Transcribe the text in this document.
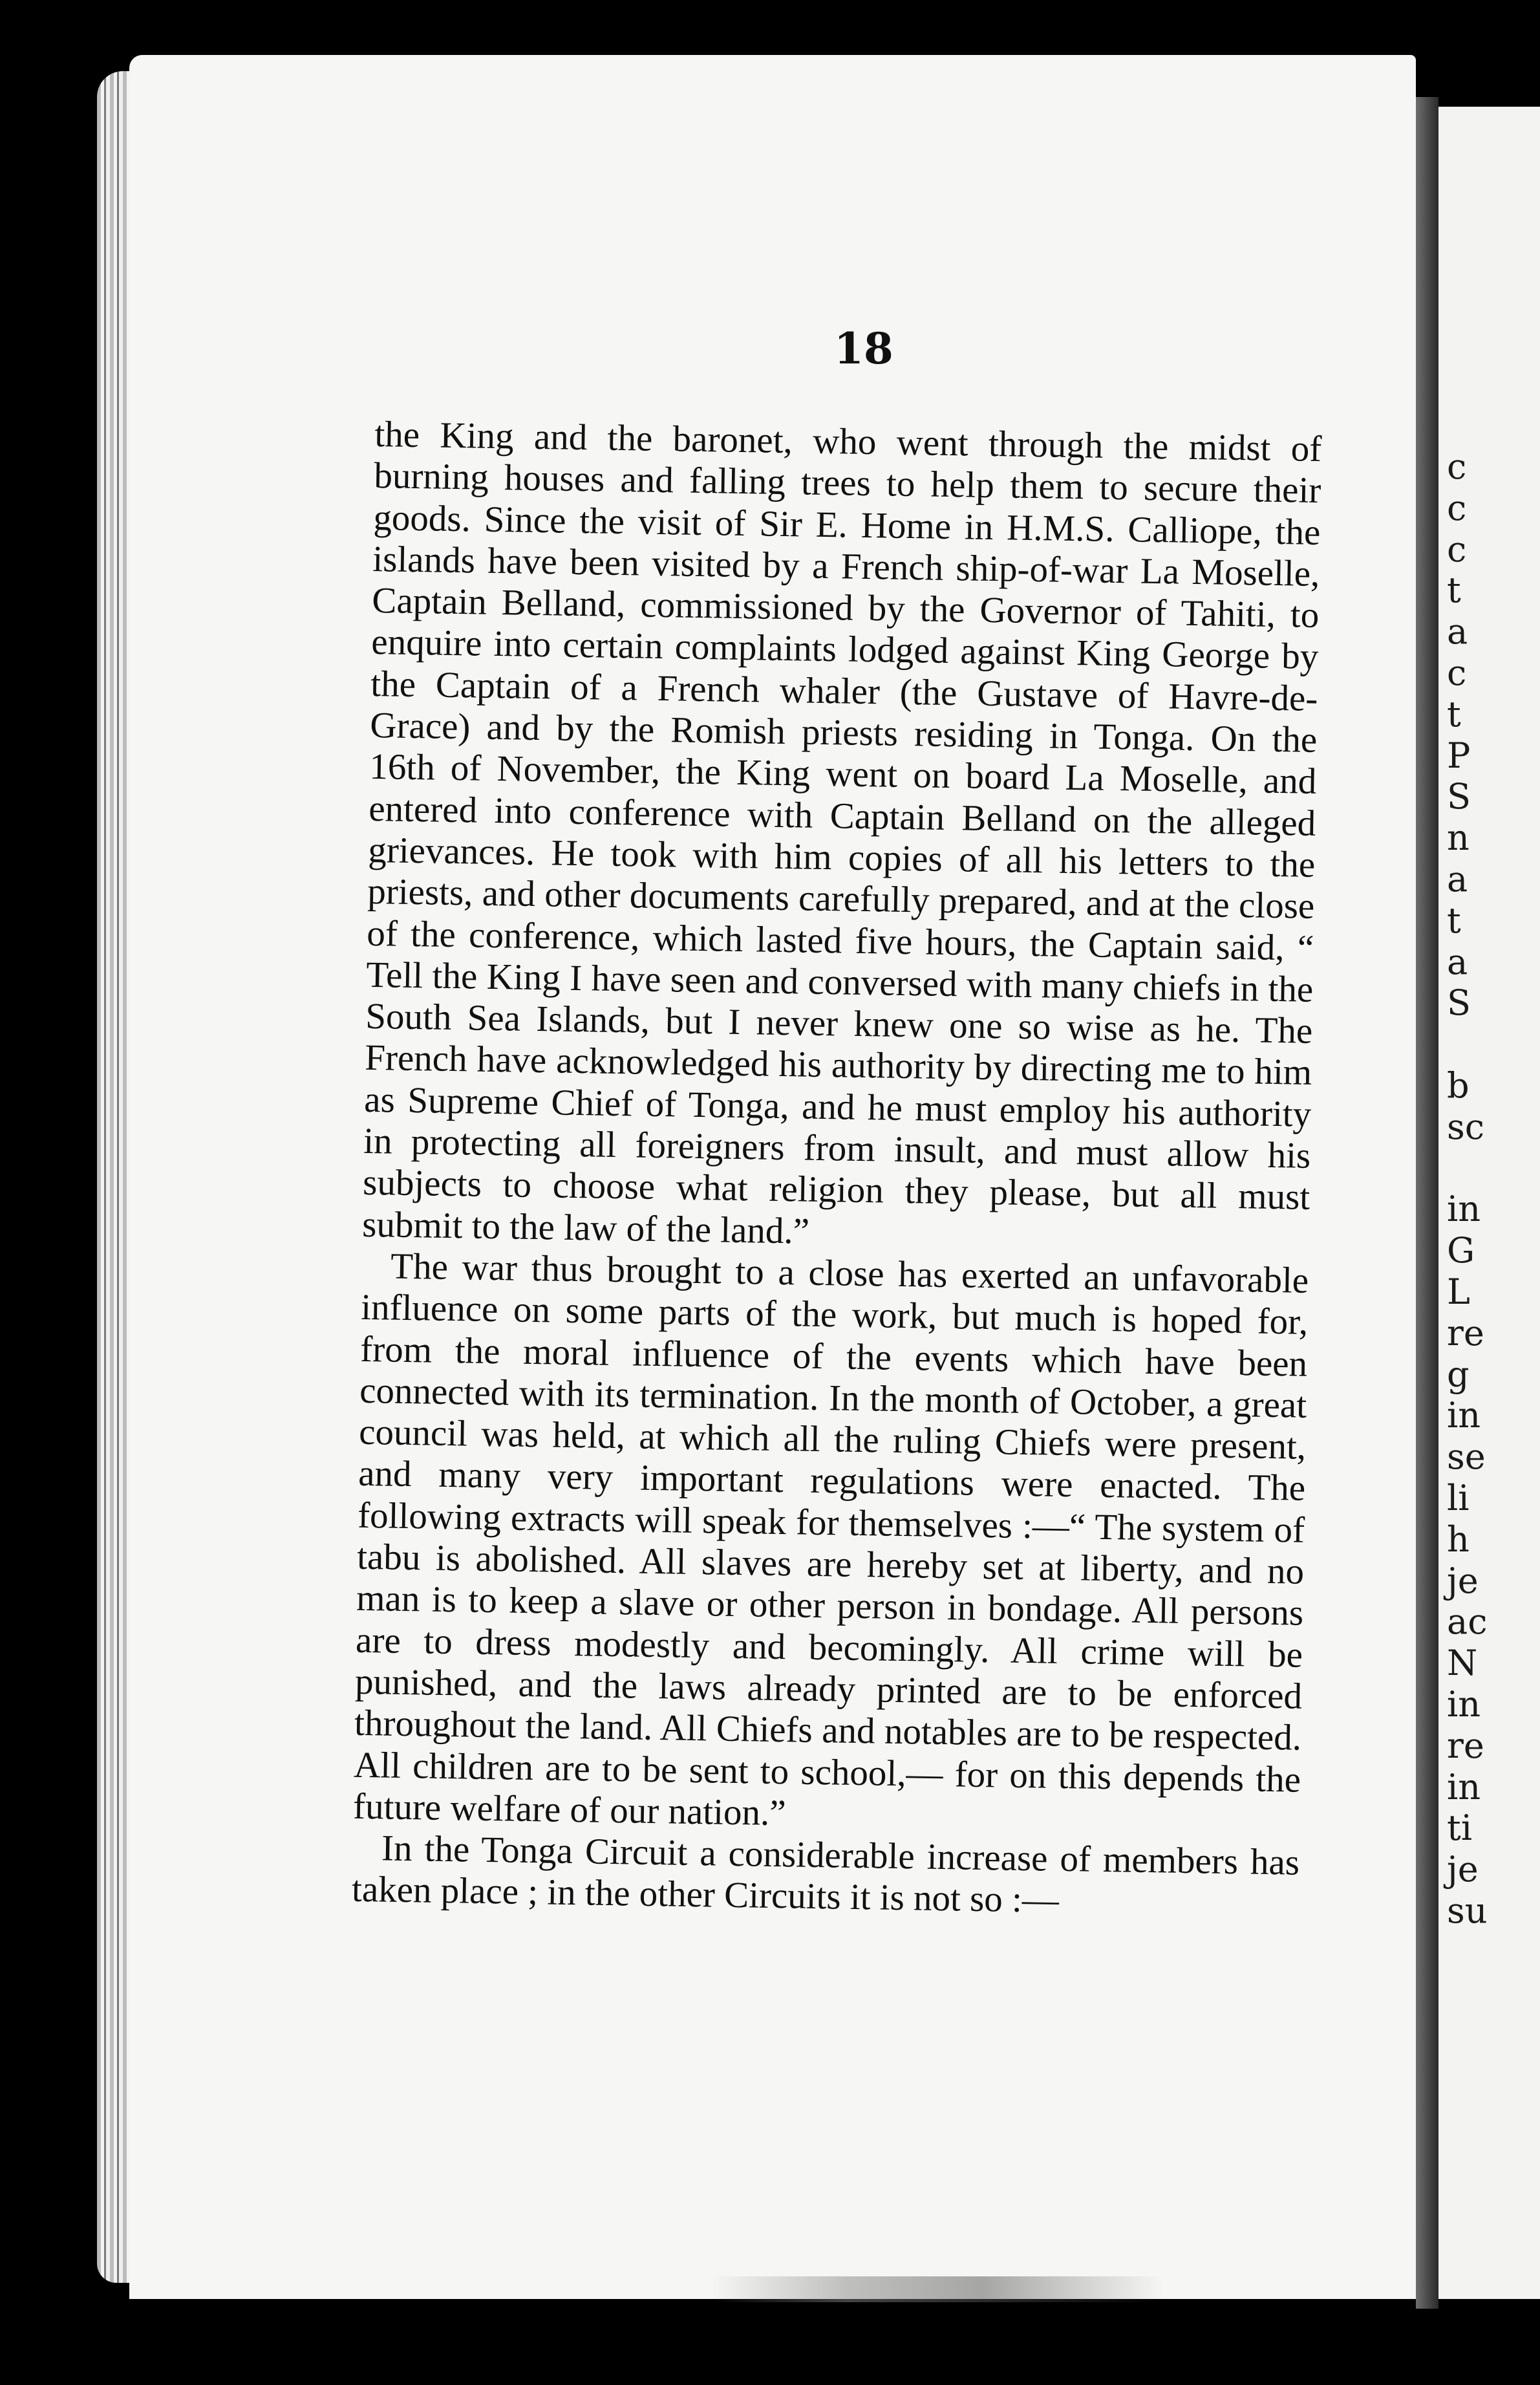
c
c
c
t
a
c
t
P
S
n
a
t
a
S

b
sc

in
G
L
re
g
in
se
li
h
je
ac
N
in
re
in
ti
je
su
18

the King and the baronet, who went through the midst of burning houses and falling trees to help them to secure their goods. Since the visit of Sir E. Home in H.M.S. Calliope, the islands have been visited by a French ship-of-war La Moselle, Captain Belland, commissioned by the Governor of Tahiti, to enquire into certain complaints lodged against King George by the Captain of a French whaler (the Gustave of Havre-de-Grace) and by the Romish priests residing in Tonga. On the 16th of November, the King went on board La Moselle, and entered into conference with Captain Belland on the alleged grievances. He took with him copies of all his letters to the priests, and other documents carefully prepared, and at the close of the conference, which lasted five hours, the Captain said, “ Tell the King I have seen and conversed with many chiefs in the South Sea Islands, but I never knew one so wise as he. The French have acknowledged his authority by directing me to him as Supreme Chief of Tonga, and he must employ his authority in protecting all foreigners from insult, and must allow his subjects to choose what religion they please, but all must submit to the law of the land.”

The war thus brought to a close has exerted an unfavorable influence on some parts of the work, but much is hoped for, from the moral influence of the events which have been connected with its termination. In the month of October, a great council was held, at which all the ruling Chiefs were present, and many very important regulations were enacted. The following extracts will speak for themselves :—“ The system of tabu is abolished. All slaves are hereby set at liberty, and no man is to keep a slave or other person in bondage. All persons are to dress modestly and becomingly. All crime will be punished, and the laws already printed are to be enforced throughout the land. All Chiefs and notables are to be respected. All children are to be sent to school,— for on this depends the future welfare of our nation.”

In the Tonga Circuit a considerable increase of members has taken place ; in the other Circuits it is not so :—
